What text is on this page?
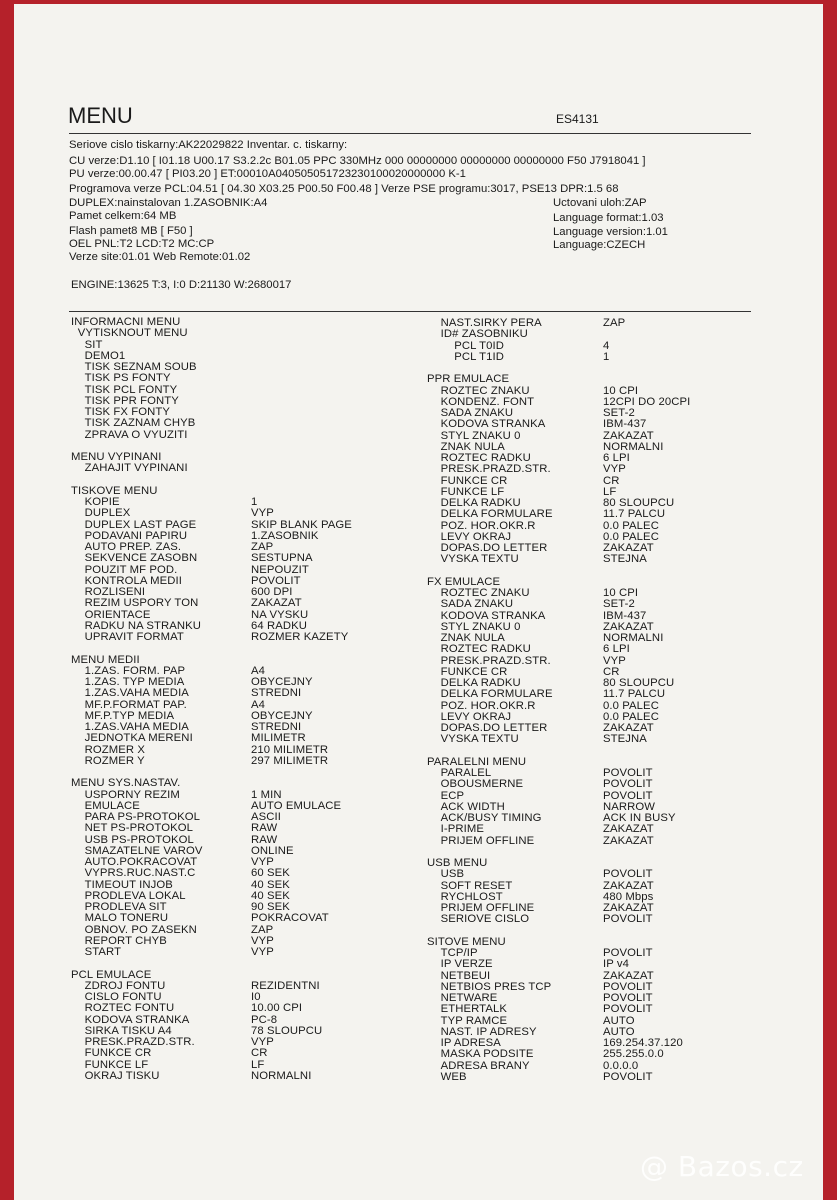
MENU	ES4131
Seriove cislo tiskarny:AK22029822 Inventar. c. tiskarny:
CU verze:D1.10 [ I01.18 U00.17 S3.2.2c B01.05 PPC 330MHz 000 00000000 00000000 00000000 F50 J7918041 ]
PU verze:00.00.47 [ PI03.20 ] ET:00010A040505051723230100020000000 K-1
Programova verze PCL:04.51 [ 04.30 X03.25 P00.50 F00.48 ] Verze PSE programu:3017, PSE13 DPR:1.5 68
DUPLEX:nainstalovan 1.ZASOBNIK:A4
Pamet celkem:64 MB
Flash pamet8 MB [ F50 ]
OEL PNL:T2 LCD:T2 MC:CP
Verze site:01.01 Web Remote:01.02
Uctovani uloh:ZAP
Language format:1.03
Language version:1.01
Language:CZECH
ENGINE:13625 T:3, I:0 D:21130 W:2680017
INFORMACNI MENU
VYTISKNOUT MENU
SIT
DEMO1
TISK SEZNAM SOUB
TISK PS FONTY
TISK PCL FONTY
TISK PPR FONTY
TISK FX FONTY
TISK ZAZNAM CHYB
ZPRAVA O VYUZITI
MENU VYPINANI
ZAHAJIT VYPINANI
TISKOVE MENU
KOPIE	1
DUPLEX	VYP
DUPLEX LAST PAGE	SKIP BLANK PAGE
PODAVANI PAPIRU	1.ZASOBNIK
AUTO PREP. ZAS.	ZAP
SEKVENCE ZASOBN	SESTUPNA
POUZIT MF POD.	NEPOUZIT
KONTROLA MEDII	POVOLIT
ROZLISENI	600 DPI
REZIM USPORY TON	ZAKAZAT
ORIENTACE	NA VYSKU
RADKU NA STRANKU	64 RADKU
UPRAVIT FORMAT	ROZMER KAZETY
MENU MEDII
1.ZAS. FORM. PAP	A4
1.ZAS. TYP MEDIA	OBYCEJNY
1.ZAS.VAHA MEDIA	STREDNI
MF.P.FORMAT PAP.	A4
MF.P.TYP MEDIA	OBYCEJNY
1.ZAS.VAHA MEDIA	STREDNI
JEDNOTKA MERENI	MILIMETR
ROZMER X	210 MILIMETR
ROZMER Y	297 MILIMETR
MENU SYS.NASTAV.
USPORNY REZIM	1 MIN
EMULACE	AUTO EMULACE
PARA PS-PROTOKOL	ASCII
NET PS-PROTOKOL	RAW
USB PS-PROTOKOL	RAW
SMAZATELNE VAROV	ONLINE
AUTO.POKRACOVAT	VYP
VYPRS.RUC.NAST.C	60 SEK
TIMEOUT INJOB	40 SEK
PRODLEVA LOKAL	40 SEK
PRODLEVA SIT	90 SEK
MALO TONERU	POKRACOVAT
OBNOV. PO ZASEKN	ZAP
REPORT CHYB	VYP
START	VYP
PCL EMULACE
ZDROJ FONTU	REZIDENTNI
CISLO FONTU	I0
ROZTEC FONTU	10.00 CPI
KODOVA STRANKA	PC-8
SIRKA TISKU A4	78 SLOUPCU
PRESK.PRAZD.STR.	VYP
FUNKCE CR	CR
FUNKCE LF	LF
OKRAJ TISKU	NORMALNI
NAST.SIRKY PERA	ZAP
ID# ZASOBNIKU
PCL T0ID	4
PCL T1ID	1
PPR EMULACE
ROZTEC ZNAKU	10 CPI
KONDENZ. FONT	12CPI DO 20CPI
SADA ZNAKU	SET-2
KODOVA STRANKA	IBM-437
STYL ZNAKU 0	ZAKAZAT
ZNAK NULA	NORMALNI
ROZTEC RADKU	6 LPI
PRESK.PRAZD.STR.	VYP
FUNKCE CR	CR
FUNKCE LF	LF
DELKA RADKU	80 SLOUPCU
DELKA FORMULARE	11.7 PALCU
POZ. HOR.OKR.R	0.0 PALEC
LEVY OKRAJ	0.0 PALEC
DOPAS.DO LETTER	ZAKAZAT
VYSKA TEXTU	STEJNA
FX EMULACE
ROZTEC ZNAKU	10 CPI
SADA ZNAKU	SET-2
KODOVA STRANKA	IBM-437
STYL ZNAKU 0	ZAKAZAT
ZNAK NULA	NORMALNI
ROZTEC RADKU	6 LPI
PRESK.PRAZD.STR.	VYP
FUNKCE CR	CR
DELKA RADKU	80 SLOUPCU
DELKA FORMULARE	11.7 PALCU
POZ. HOR.OKR.R	0.0 PALEC
LEVY OKRAJ	0.0 PALEC
DOPAS.DO LETTER	ZAKAZAT
VYSKA TEXTU	STEJNA
PARALELNI MENU
PARALEL	POVOLIT
OBOUSMERNE	POVOLIT
ECP	POVOLIT
ACK WIDTH	NARROW
ACK/BUSY TIMING	ACK IN BUSY
I-PRIME	ZAKAZAT
PRIJEM OFFLINE	ZAKAZAT
USB MENU
USB	POVOLIT
SOFT RESET	ZAKAZAT
RYCHLOST	480 Mbps
PRIJEM OFFLINE	ZAKAZAT
SERIOVE CISLO	POVOLIT
SITOVE MENU
TCP/IP	POVOLIT
IP VERZE	IP v4
NETBEUI	ZAKAZAT
NETBIOS PRES TCP	POVOLIT
NETWARE	POVOLIT
ETHERTALK	POVOLIT
TYP RAMCE	AUTO
NAST. IP ADRESY	AUTO
IP ADRESA	169.254.37.120
MASKA PODSITE	255.255.0.0
ADRESA BRANY	0.0.0.0
WEB	POVOLIT
@ Bazos.cz
